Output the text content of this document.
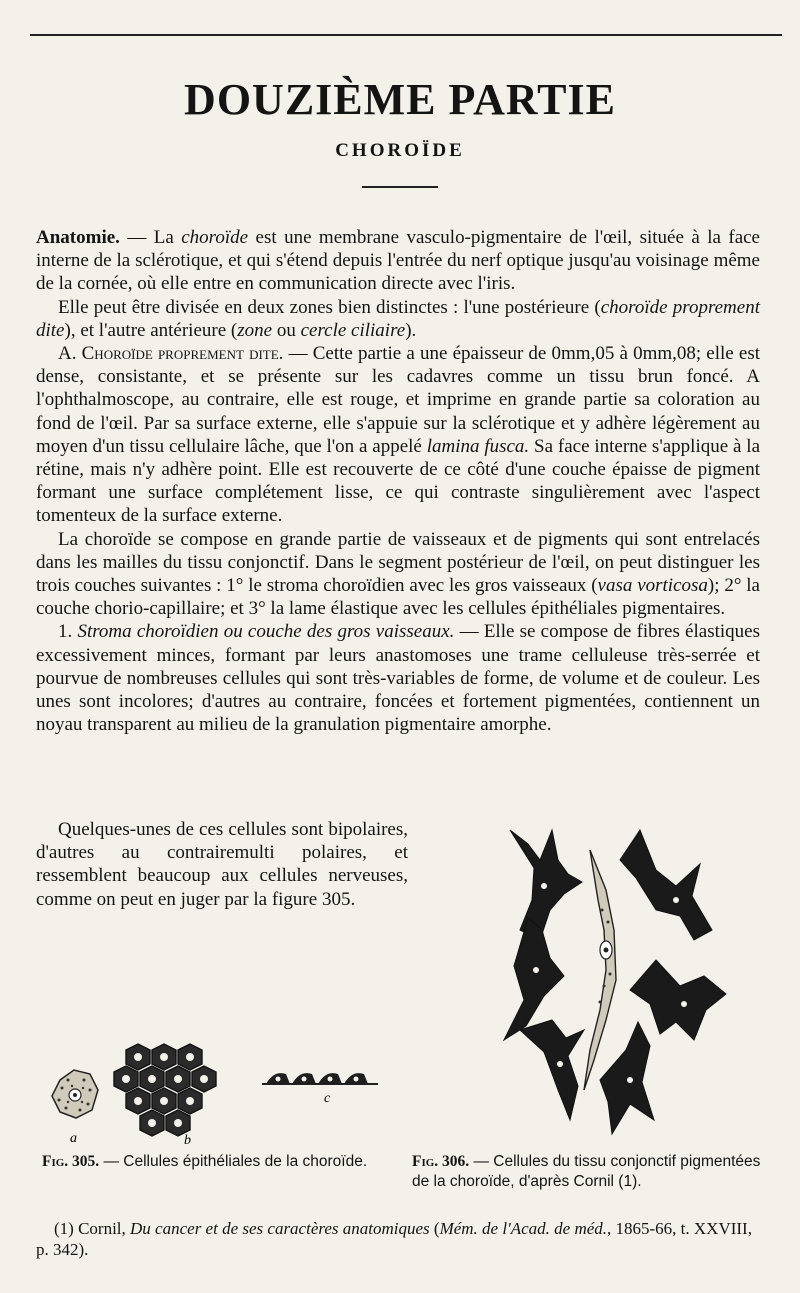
DOUZIÈME PARTIE
CHOROÏDE

Anatomie. — La choroïde est une membrane vasculo-pigmentaire de l'œil, située à la face interne de la sclérotique, et qui s'étend depuis l'entrée du nerf optique jusqu'au voisinage même de la cornée, où elle entre en communication directe avec l'iris.

Elle peut être divisée en deux zones bien distinctes : l'une postérieure (choroïde proprement dite), et l'autre antérieure (zone ou cercle ciliaire).

A. Choroïde proprement dite. — Cette partie a une épaisseur de 0mm,05 à 0mm,08; elle est dense, consistante, et se présente sur les cadavres comme un tissu brun foncé. A l'ophthalmoscope, au contraire, elle est rouge, et imprime en grande partie sa coloration au fond de l'œil. Par sa surface externe, elle s'appuie sur la sclérotique et y adhère légèrement au moyen d'un tissu cellulaire lâche, que l'on a appelé lamina fusca. Sa face interne s'applique à la rétine, mais n'y adhère point. Elle est recouverte de ce côté d'une couche épaisse de pigment formant une surface complétement lisse, ce qui contraste singulièrement avec l'aspect tomenteux de la surface externe.

La choroïde se compose en grande partie de vaisseaux et de pigments qui sont entrelacés dans les mailles du tissu conjonctif. Dans le segment postérieur de l'œil, on peut distinguer les trois couches suivantes : 1° le stroma choroïdien avec les gros vaisseaux (vasa vorticosa); 2° la couche chorio-capillaire; et 3° la lame élastique avec les cellules épithéliales pigmentaires.

1. Stroma choroïdien ou couche des gros vaisseaux. — Elle se compose de fibres élastiques excessivement minces, formant par leurs anastomoses une trame celluleuse très-serrée et pourvue de nombreuses cellules qui sont très-variables de forme, de volume et de couleur. Les unes sont incolores; d'autres au contraire, foncées et fortement pigmentées, contiennent un noyau transparent au milieu de la granulation pigmentaire amorphe.

Quelques-unes de ces cellules sont bipolaires, d'autres au contrairemulti polaires, et ressemblent beaucoup aux cellules nerveuses, comme on peut en juger par la figure 305.

a	b
c
Fig. 305. — Cellules épithéliales de la choroïde.	Fig. 306. — Cellules du tissu conjonctif pigmentées de la choroïde, d'après Cornil (1).

(1) Cornil, Du cancer et de ses caractères anatomiques (Mém. de l'Acad. de méd., 1865-66, t. XXVIII, p. 342).
